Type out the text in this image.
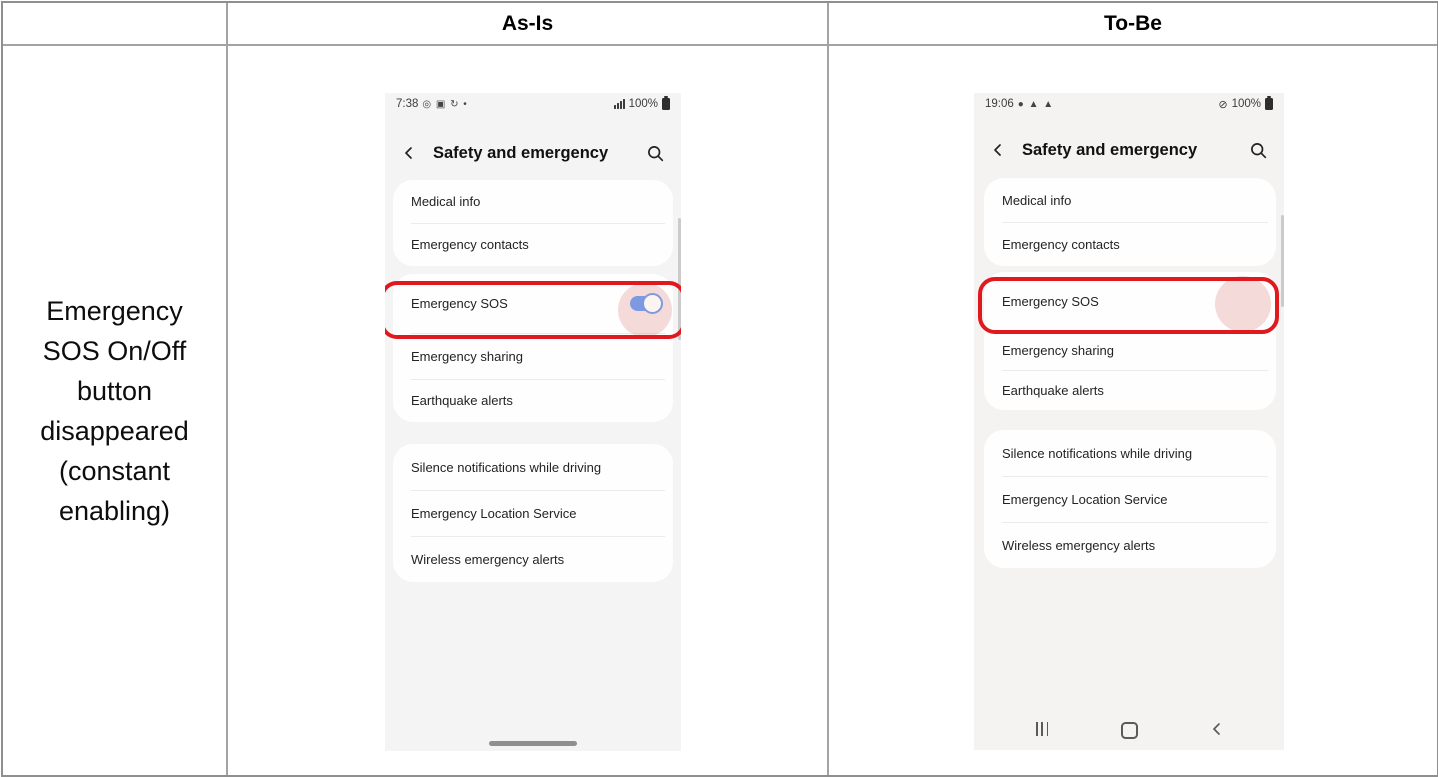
As-Is	To-Be
Emergency SOS On/Off button disappeared (constant enabling)
7:38 ◎ ▣ ↻ •	100%
Safety and emergency
Medical info
Emergency contacts
Emergency SOS
Emergency sharing
Earthquake alerts
Silence notifications while driving
Emergency Location Service
Wireless emergency alerts
19:06 ● ▲ ▲	⊘ 100%
Safety and emergency
Medical info
Emergency contacts
Emergency SOS
Emergency sharing
Earthquake alerts
Silence notifications while driving
Emergency Location Service
Wireless emergency alerts
